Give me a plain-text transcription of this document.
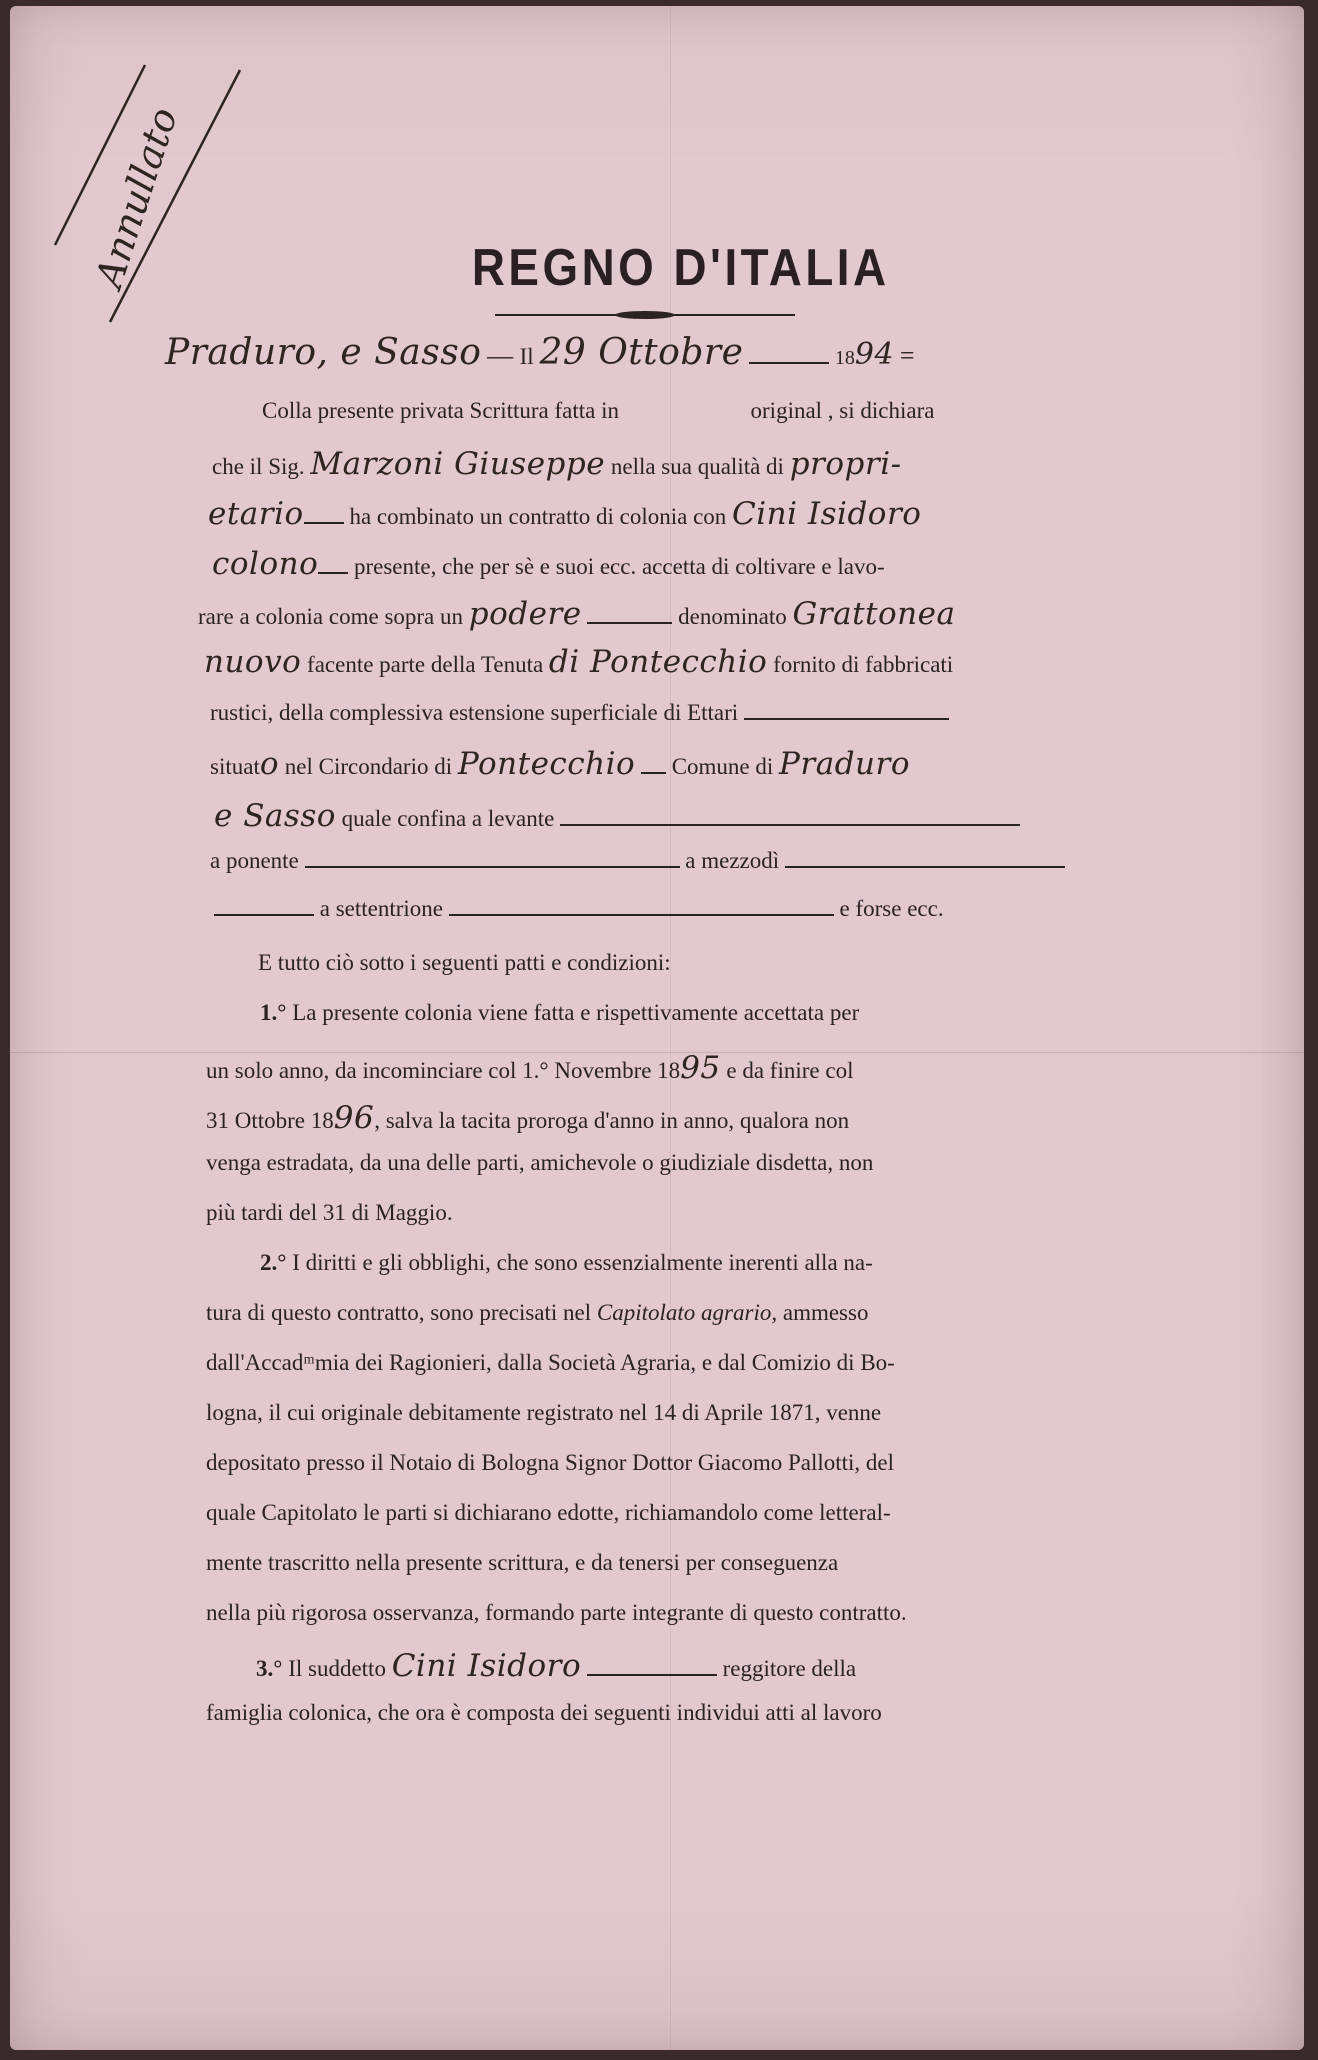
Annullato	REGNO D'ITALIA
Praduro, e Sasso — Il 29 Ottobre	1894 =
Colla presente privata Scrittura fatta in	original , si dichiara
che il Sig. Marzoni Giuseppe nella sua qualità di propri-
etario ha combinato un contratto di colonia con Cini Isidoro
colono presente, che per sè e suoi ecc. accetta di coltivare e lavo-
rare a colonia come sopra un podere	denominato Grattonea
nuovo facente parte della Tenuta di Pontecchio fornito di fabbricati
rustici, della complessiva estensione superficiale di Ettari
situato nel Circondario di Pontecchio Comune di Praduro
e Sasso quale confina a levante
a ponente	a mezzodì
a settentrione	e forse ecc.
E tutto ciò sotto i seguenti patti e condizioni:
1.° La presente colonia viene fatta e rispettivamente accettata per
un solo anno, da incominciare col 1.° Novembre 1895 e da finire col
31 Ottobre 1896, salva la tacita proroga d'anno in anno, qualora non
venga estradata, da una delle parti, amichevole o giudiziale disdetta, non
più tardi del 31 di Maggio.
2.° I diritti e gli obblighi, che sono essenzialmente inerenti alla na-
tura di questo contratto, sono precisati nel Capitolato agrario, ammesso
dall'Accad ͫ mia dei Ragionieri, dalla Società Agraria, e dal Comizio di Bo-
logna, il cui originale debitamente registrato nel 14 di Aprile 1871, venne
depositato presso il Notaio di Bologna Signor Dottor Giacomo Pallotti, del
quale Capitolato le parti si dichiarano edotte, richiamandolo come letteral-
mente trascritto nella presente scrittura, e da tenersi per conseguenza
nella più rigorosa osservanza, formando parte integrante di questo contratto.
3.° Il suddetto Cini Isidoro	reggitore della
famiglia colonica, che ora è composta dei seguenti individui atti al lavoro
